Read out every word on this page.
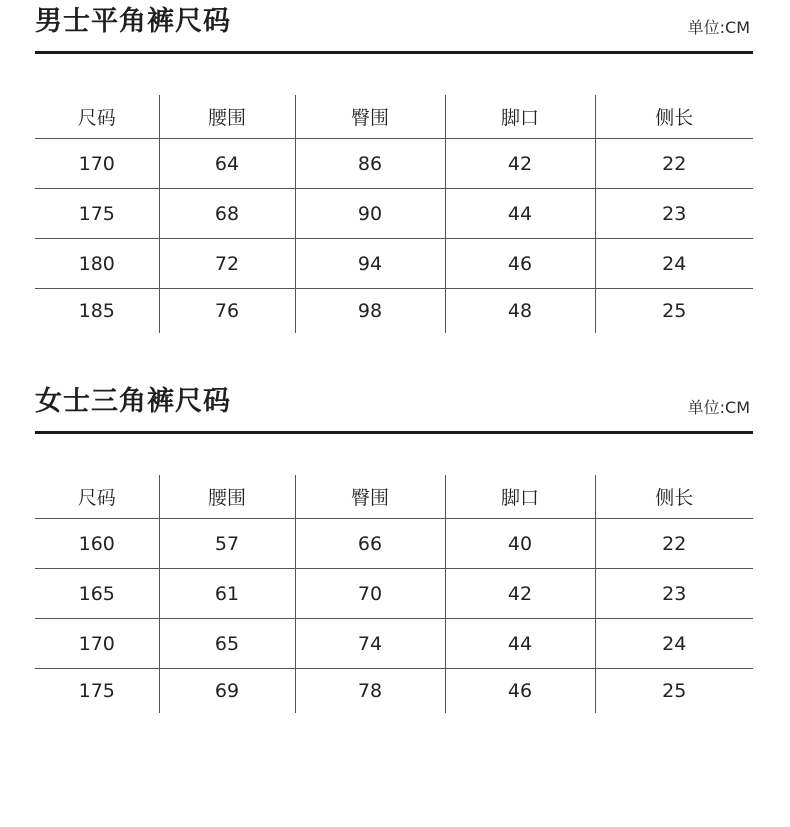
男士平角裤尺码	单位:CM
尺码	腰围	臀围	脚口	侧长
170	64	86	42	22
175	68	90	44	23
180	72	94	46	24
185	76	98	48	25
女士三角裤尺码	单位:CM
尺码	腰围	臀围	脚口	侧长
160	57	66	40	22
165	61	70	42	23
170	65	74	44	24
175	69	78	46	25
